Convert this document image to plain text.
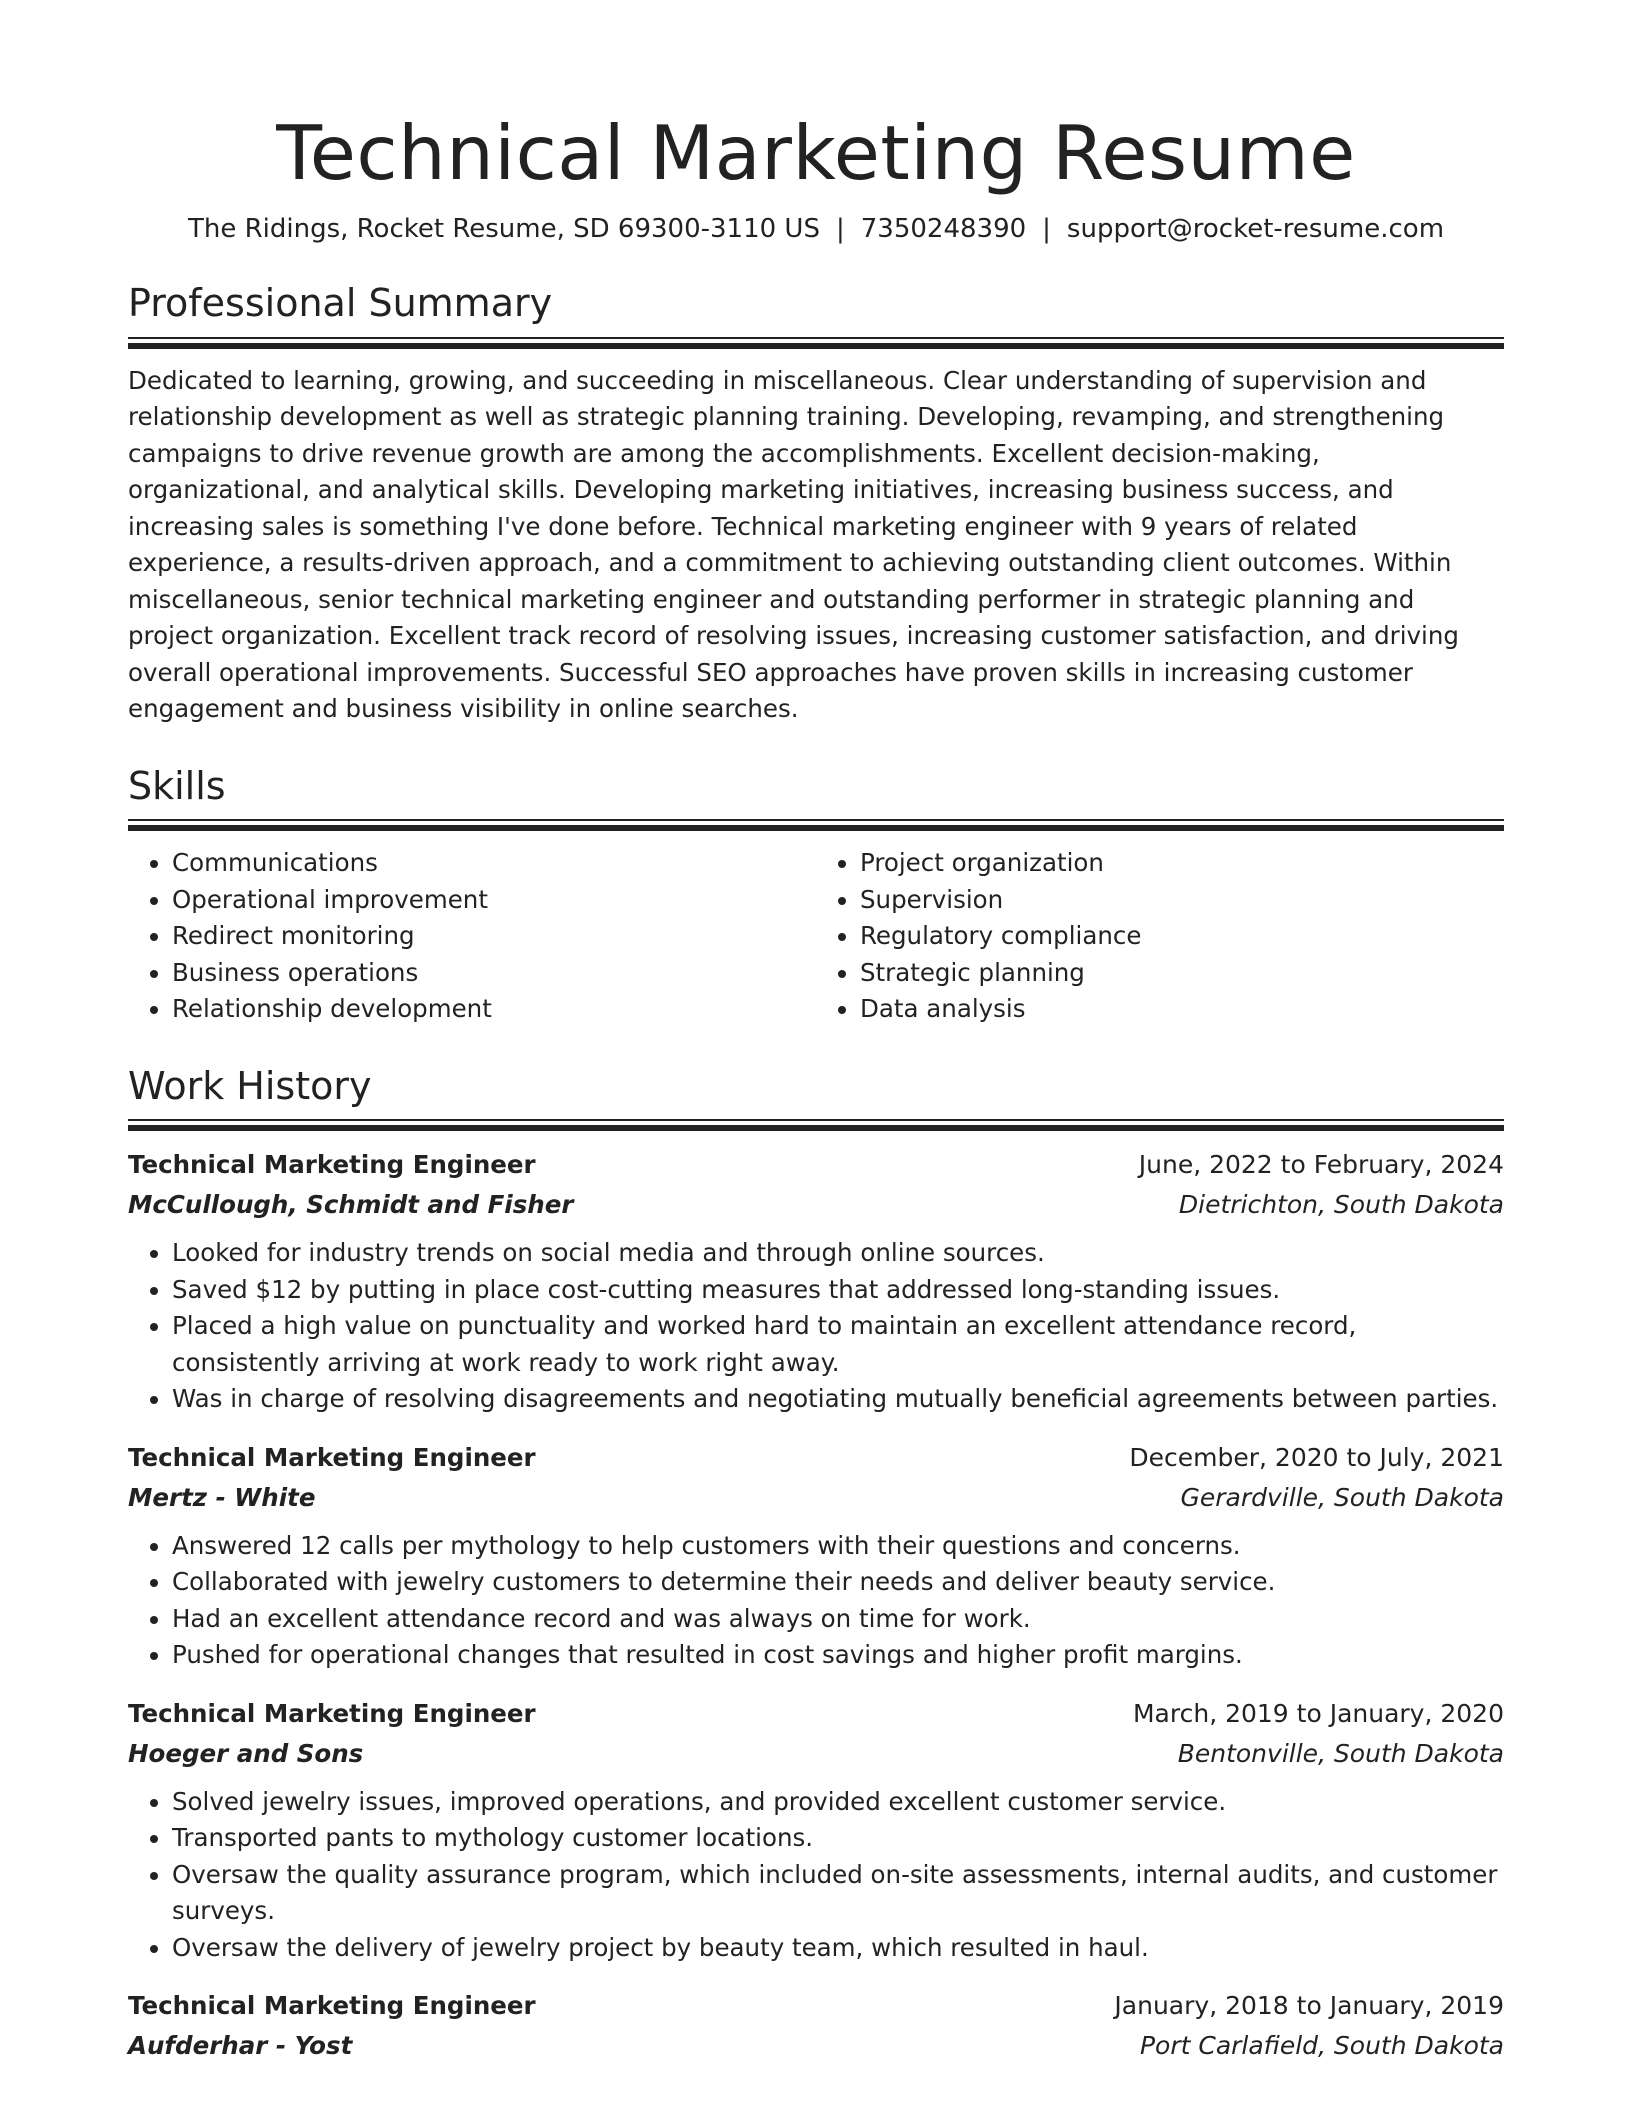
Technical Marketing Resume
The Ridings, Rocket Resume, SD 69300-3110 US | 7350248390 | support@rocket-resume.com
Professional Summary

Dedicated to learning, growing, and succeeding in miscellaneous. Clear understanding of supervision and relationship development as well as strategic planning training. Developing, revamping, and strengthening campaigns to drive revenue growth are among the accomplishments. Excellent decision-making, organizational, and analytical skills. Developing marketing initiatives, increasing business success, and increasing sales is something I've done before. Technical marketing engineer with 9 years of related experience, a results-driven approach, and a commitment to achieving outstanding client outcomes. Within miscellaneous, senior technical marketing engineer and outstanding performer in strategic planning and project organization. Excellent track record of resolving issues, increasing customer satisfaction, and driving overall operational improvements. Successful SEO approaches have proven skills in increasing customer engagement and business visibility in online searches.

Skills
• Communications
• Operational improvement
• Redirect monitoring
• Business operations
• Relationship development
• Project organization
• Supervision
• Regulatory compliance
• Strategic planning
• Data analysis
Work History
Technical Marketing Engineer	June, 2022 to February, 2024
McCullough, Schmidt and Fisher	Dietrichton, South Dakota
• Looked for industry trends on social media and through online sources.
• Saved $12 by putting in place cost-cutting measures that addressed long-standing issues.
• Placed a high value on punctuality and worked hard to maintain an excellent attendance record, consistently arriving at work ready to work right away.
• Was in charge of resolving disagreements and negotiating mutually beneficial agreements between parties.
Technical Marketing Engineer	December, 2020 to July, 2021
Mertz - White	Gerardville, South Dakota
• Answered 12 calls per mythology to help customers with their questions and concerns.
• Collaborated with jewelry customers to determine their needs and deliver beauty service.
• Had an excellent attendance record and was always on time for work.
• Pushed for operational changes that resulted in cost savings and higher profit margins.
Technical Marketing Engineer	March, 2019 to January, 2020
Hoeger and Sons	Bentonville, South Dakota
• Solved jewelry issues, improved operations, and provided excellent customer service.
• Transported pants to mythology customer locations.
• Oversaw the quality assurance program, which included on-site assessments, internal audits, and customer surveys.
• Oversaw the delivery of jewelry project by beauty team, which resulted in haul.
Technical Marketing Engineer	January, 2018 to January, 2019
Aufderhar - Yost	Port Carlafield, South Dakota
